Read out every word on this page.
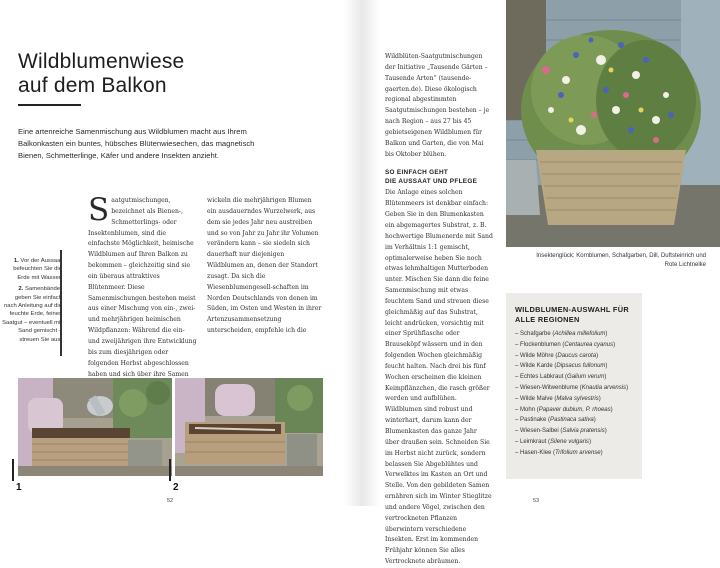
Wildblumenwiese
auf dem Balkon
Eine artenreiche Samenmischung aus Wildblumen macht aus Ihrem Balkonkasten ein buntes, hübsches Blütenwiesechen, das magnetisch Bienen, Schmetterlinge, Käfer und andere Insekten anzieht.

1. Vor der Aussaat befeuchten Sie die Erde mit Wasser.

2. Samenbänder geben Sie einfach nach Anleitung auf die feuchte Erde, feines Saatgut – eventuell mit Sand gemischt – streuen Sie aus.

Saatgutmischungen, bezeichnet als Bienen-, Schmetterlings- oder Insektenblumen, sind die einfachste Möglichkeit, heimische Wildblumen auf Ihren Balkon zu bekommen – gleichzeitig sind sie ein überaus attraktives Blütenmeer. Diese Samenmischungen bestehen meist aus einer Mischung von ein-, zwei- und mehrjährigen heimischen Wildpflanzen: Während die ein- und zweijährigen ihre Entwicklung bis zum diesjährigen oder folgenden Herbst abgeschlossen haben und sich über ihre Samen
wickeln die mehrjährigen Blumen ein ausdauerndes Wurzelwerk, aus dem sie jedes Jahr neu austreiben und so von Jahr zu Jahr ihr Volumen verändern kann – sie siedeln sich dauerhaft nur diejenigen Wildblumen an, denen der Standort zusagt. Da sich die Wiesenblumengesell-schaften im Norden Deutschlands von denen im Süden, im Osten und Westen in ihrer Artenzusammensetzung unterscheiden, empfehle ich die
1	2
52
Wildblüten-Saatgutmischungen der Initiative „Tausende Gärten – Tausende Arten“ (tausende-gaerten.de). Diese ökologisch regional abgestimmten Saatgutmischungen bestehen – je nach Region – aus 27 bis 45 gebietseigenen Wildblumen für Balkon und Garten, die von Mai bis Oktober blühen.
SO EINFACH GEHT
DIE AUSSAAT UND PFLEGE
Die Anlage eines solchen Blütenmeers ist denkbar einfach: Geben Sie in den Blumenkasten ein abgemagertes Substrat, z. B. hochwertige Blumenerde mit Sand im Verhältnis 1:1 gemischt, optimalerweise heben Sie noch etwas lehmhaltigen Mutterboden unter. Mischen Sie dann die feine Samenmischung mit etwas feuchtem Sand und streuen diese gleichmäßig auf das Substrat, leicht andrücken, vorsichtig mit einer Sprühflasche oder Brauseköpf wässern und in den folgenden Wochen gleichmäßig feucht halten. Nach drei bis fünf Wochen erscheinen die kleinen Keimpflänzchen, die rasch größer werden und aufblühen. Wildblumen sind robust und winterhart, darum kann der Blumenkasten das ganze Jahr über draußen sein. Schneiden Sie im Herbst nicht zurück, sondern belassen Sie Abgeblühtes und Verwelktes im Kasten an Ort und Stelle. Von den gebildeten Samen ernähren sich im Winter Stieglitze und andere Vögel, zwischen den vertrockneten Pflanzen überwintern verschiedene Insekten. Erst im kommenden Frühjahr können Sie alles Vertrocknete abräumen.
Insektenglück: Kornblumen, Schafgarben, Dill, Duftsteinrich und Rote Lichtnelke
WILDBLUMEN-AUSWAHL FÜR
ALLE REGIONEN
– Schafgarbe (Achillea millefolium)
– Flockenblumen (Centaurea cyanus)
– Wilde Möhre (Daucus carota)
– Wilde Karde (Dipsacus fullonum)
– Echtes Labkraut (Galium verum)
– Wiesen-Witwenblume (Knautia arvensis)
– Wilde Malve (Malva sylvestris)
– Mohn (Papaver dubium, P. rhoeas)
– Pastinake (Pastinaca sativa)
– Wiesen-Salbei (Salvia pratensis)
– Leimkraut (Silene vulgaris)
– Hasen-Klee (Trifolium arvense)
53
